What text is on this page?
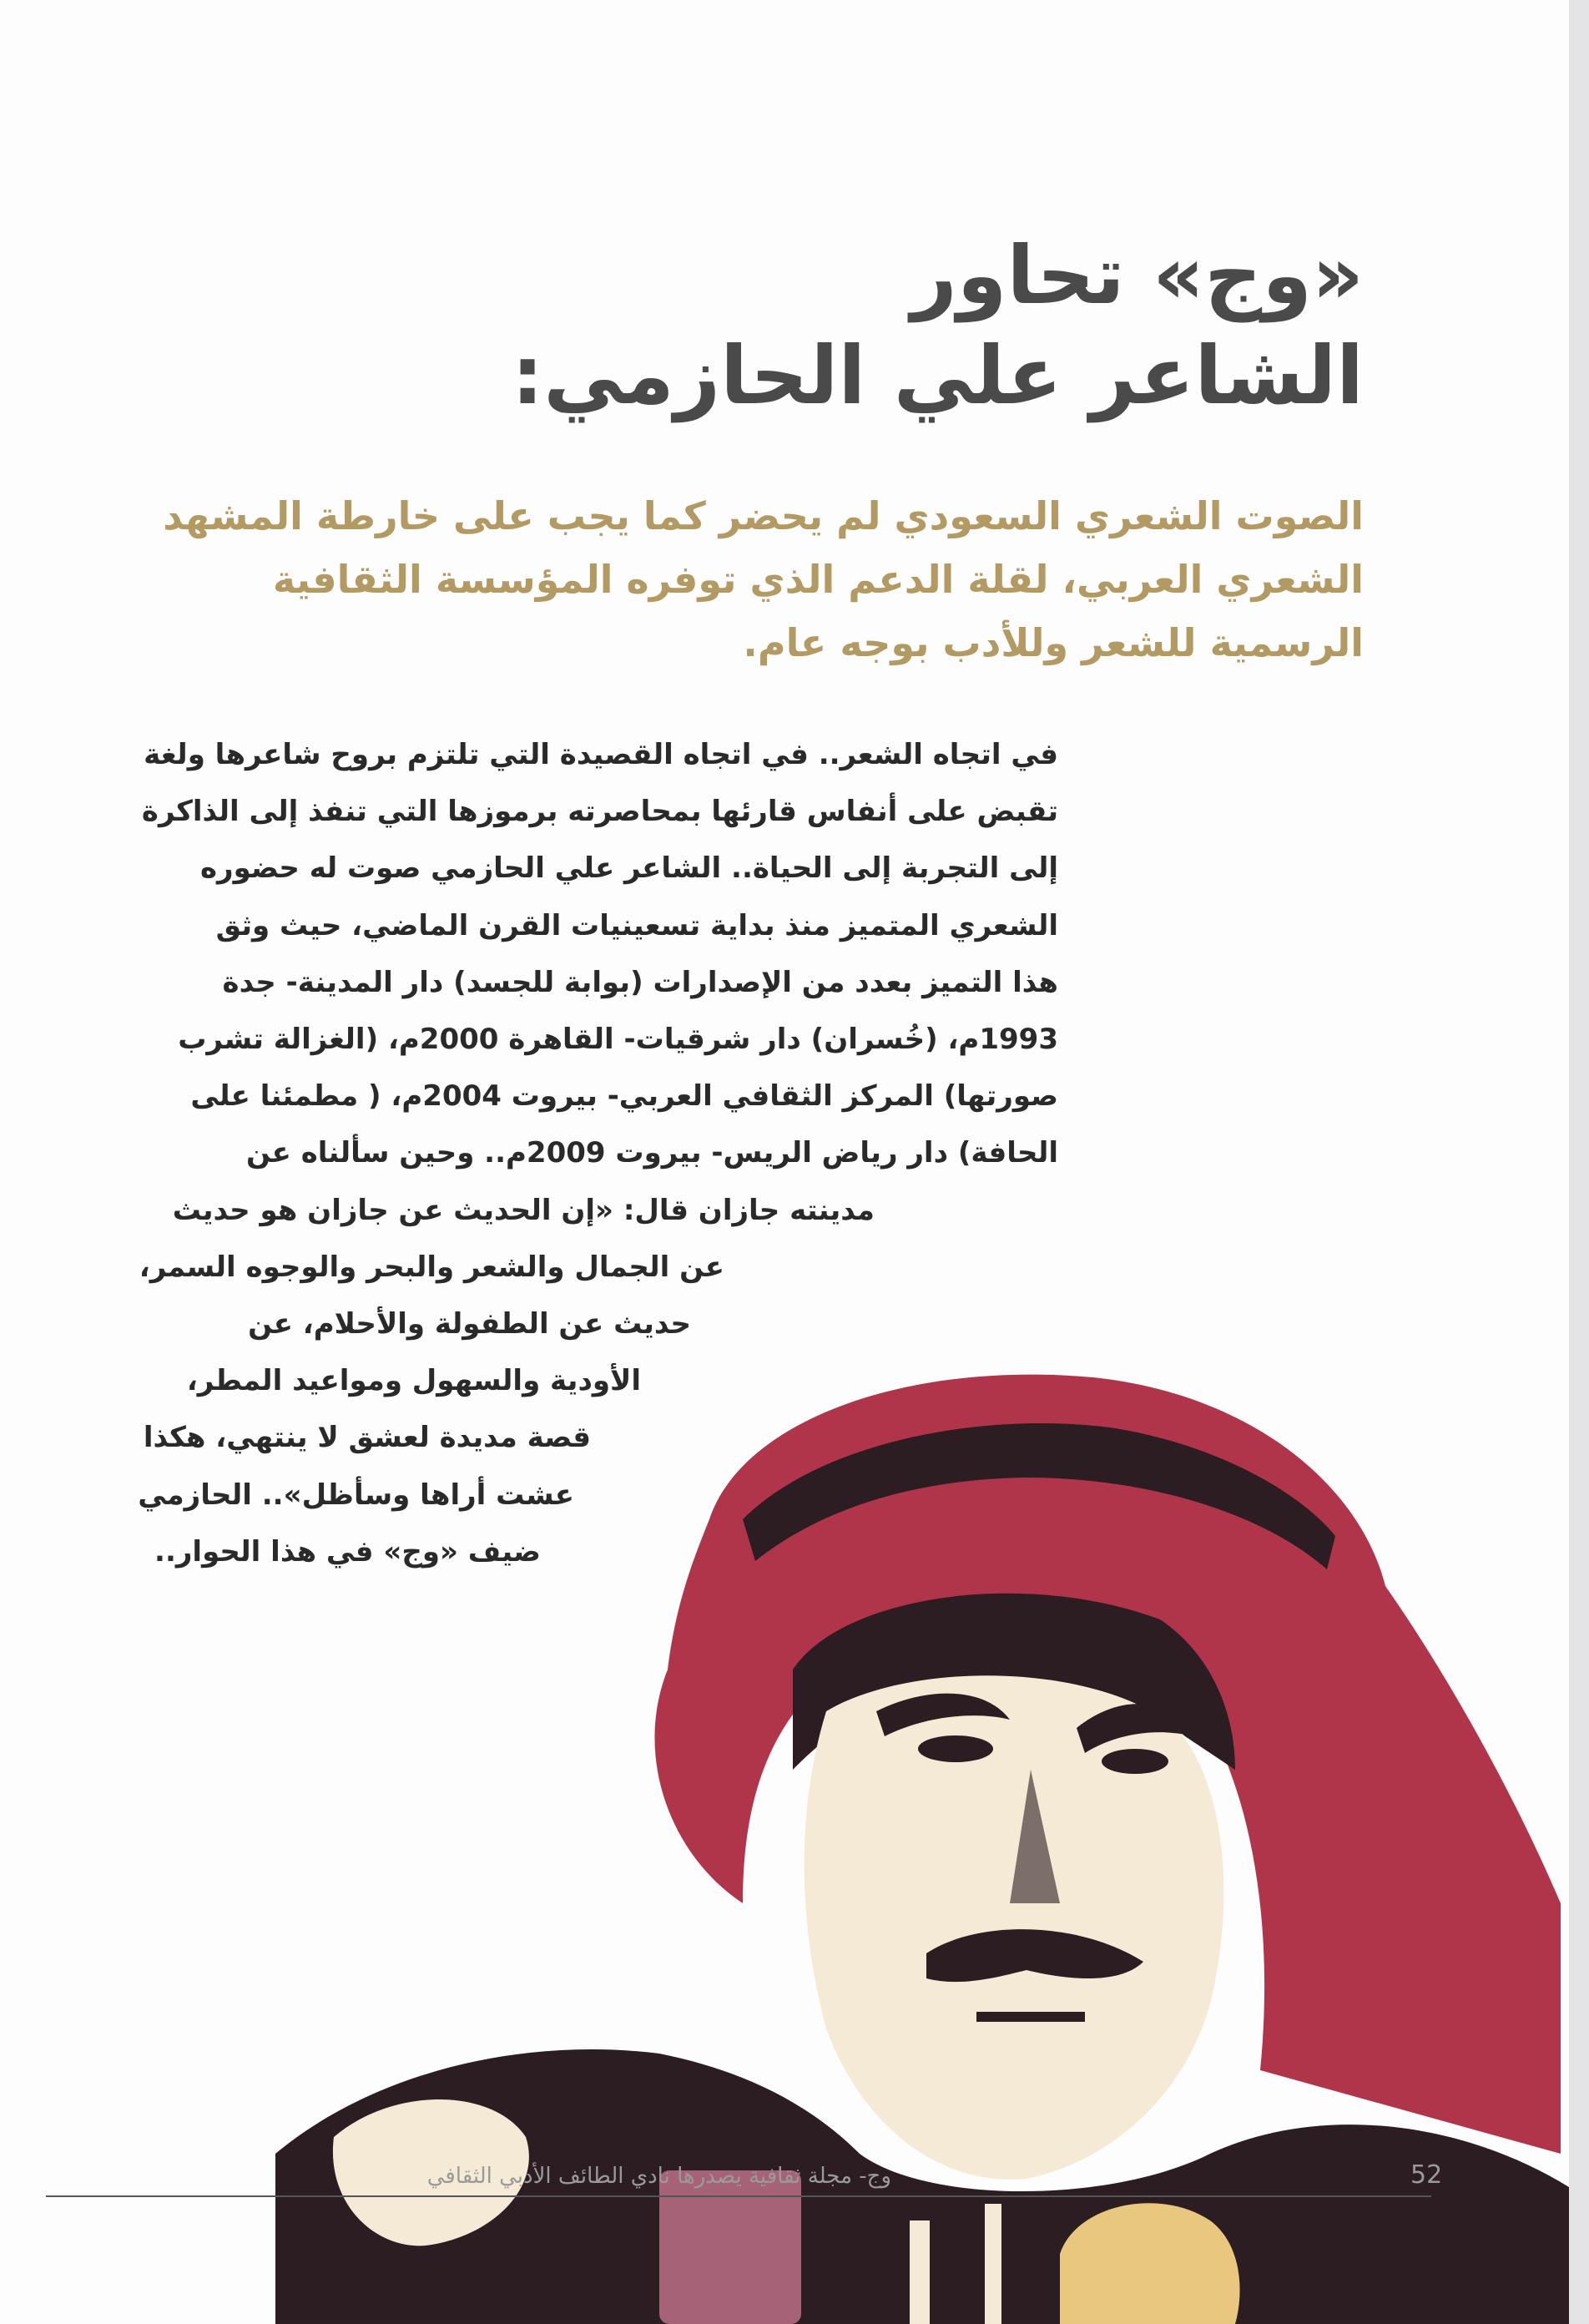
«وج» تحاور
الشاعر علي الحازمي:
الصوت الشعري السعودي لم يحضر كما يجب على خارطة المشهد
الشعري العربي، لقلة الدعم الذي توفره المؤسسة الثقافية
الرسمية للشعر وللأدب بوجه عام.
في اتجاه الشعر.. في اتجاه القصيدة التي تلتزم بروح شاعرها ولغة
تقبض على أنفاس قارئها بمحاصرته برموزها التي تنفذ إلى الذاكرة
إلى التجربة إلى الحياة.. الشاعر علي الحازمي صوت له حضوره
الشعري المتميز منذ بداية تسعينيات القرن الماضي، حيث وثق
هذا التميز بعدد من الإصدارات (بوابة للجسد) دار المدينة- جدة
1993م، (خُسران) دار شرقيات- القاهرة 2000م، (الغزالة تشرب
صورتها) المركز الثقافي العربي- بيروت 2004م، ( مطمئنا على
الحافة) دار رياض الريس- بيروت 2009م.. وحين سألناه عن
مدينته جازان قال: «إن الحديث عن جازان هو حديث
عن الجمال والشعر والبحر والوجوه السمر،
حديث عن الطفولة والأحلام، عن
الأودية والسهول ومواعيد المطر،
قصة مديدة لعشق لا ينتهي، هكذا
عشت أراها وسأظل».. الحازمي
ضيف «وج» في هذا الحوار..
وج- مجلة ثقافية يصدرها نادي الطائف الأدبي الثقافي	52
